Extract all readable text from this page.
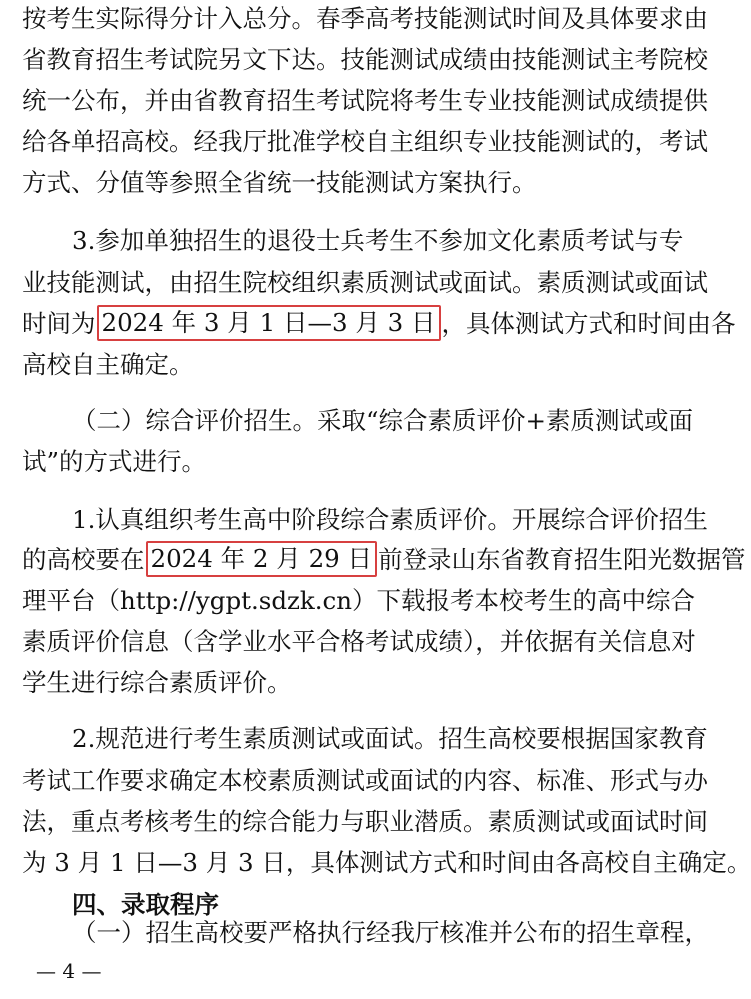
按考生实际得分计入总分。春季高考技能测试时间及具体要求由
省教育招生考试院另文下达。技能测试成绩由技能测试主考院校
统一公布，并由省教育招生考试院将考生专业技能测试成绩提供
给各单招高校。经我厅批准学校自主组织专业技能测试的，考试
方式、分值等参照全省统一技能测试方案执行。
3.参加单独招生的退役士兵考生不参加文化素质考试与专
业技能测试，由招生院校组织素质测试或面试。素质测试或面试
时间为 2024 年 3 月 1 日—3 月 3 日 ，具体测试方式和时间由各
高校自主确定。
（二）综合评价招生。采取“综合素质评价+素质测试或面
试”的方式进行。
1.认真组织考生高中阶段综合素质评价。开展综合评价招生
的高校要在 2024 年 2 月 29 日 前登录山东省教育招生阳光数据管
理平台（http://ygpt.sdzk.cn）下载报考本校考生的高中综合
素质评价信息（含学业水平合格考试成绩），并依据有关信息对
学生进行综合素质评价。
2.规范进行考生素质测试或面试。招生高校要根据国家教育
考试工作要求确定本校素质测试或面试的内容、标准、形式与办
法，重点考核考生的综合能力与职业潜质。素质测试或面试时间
为 3 月 1 日—3 月 3 日，具体测试方式和时间由各高校自主确定。
四、录取程序
（一）招生高校要严格执行经我厅核准并公布的招生章程，
— 4 —
